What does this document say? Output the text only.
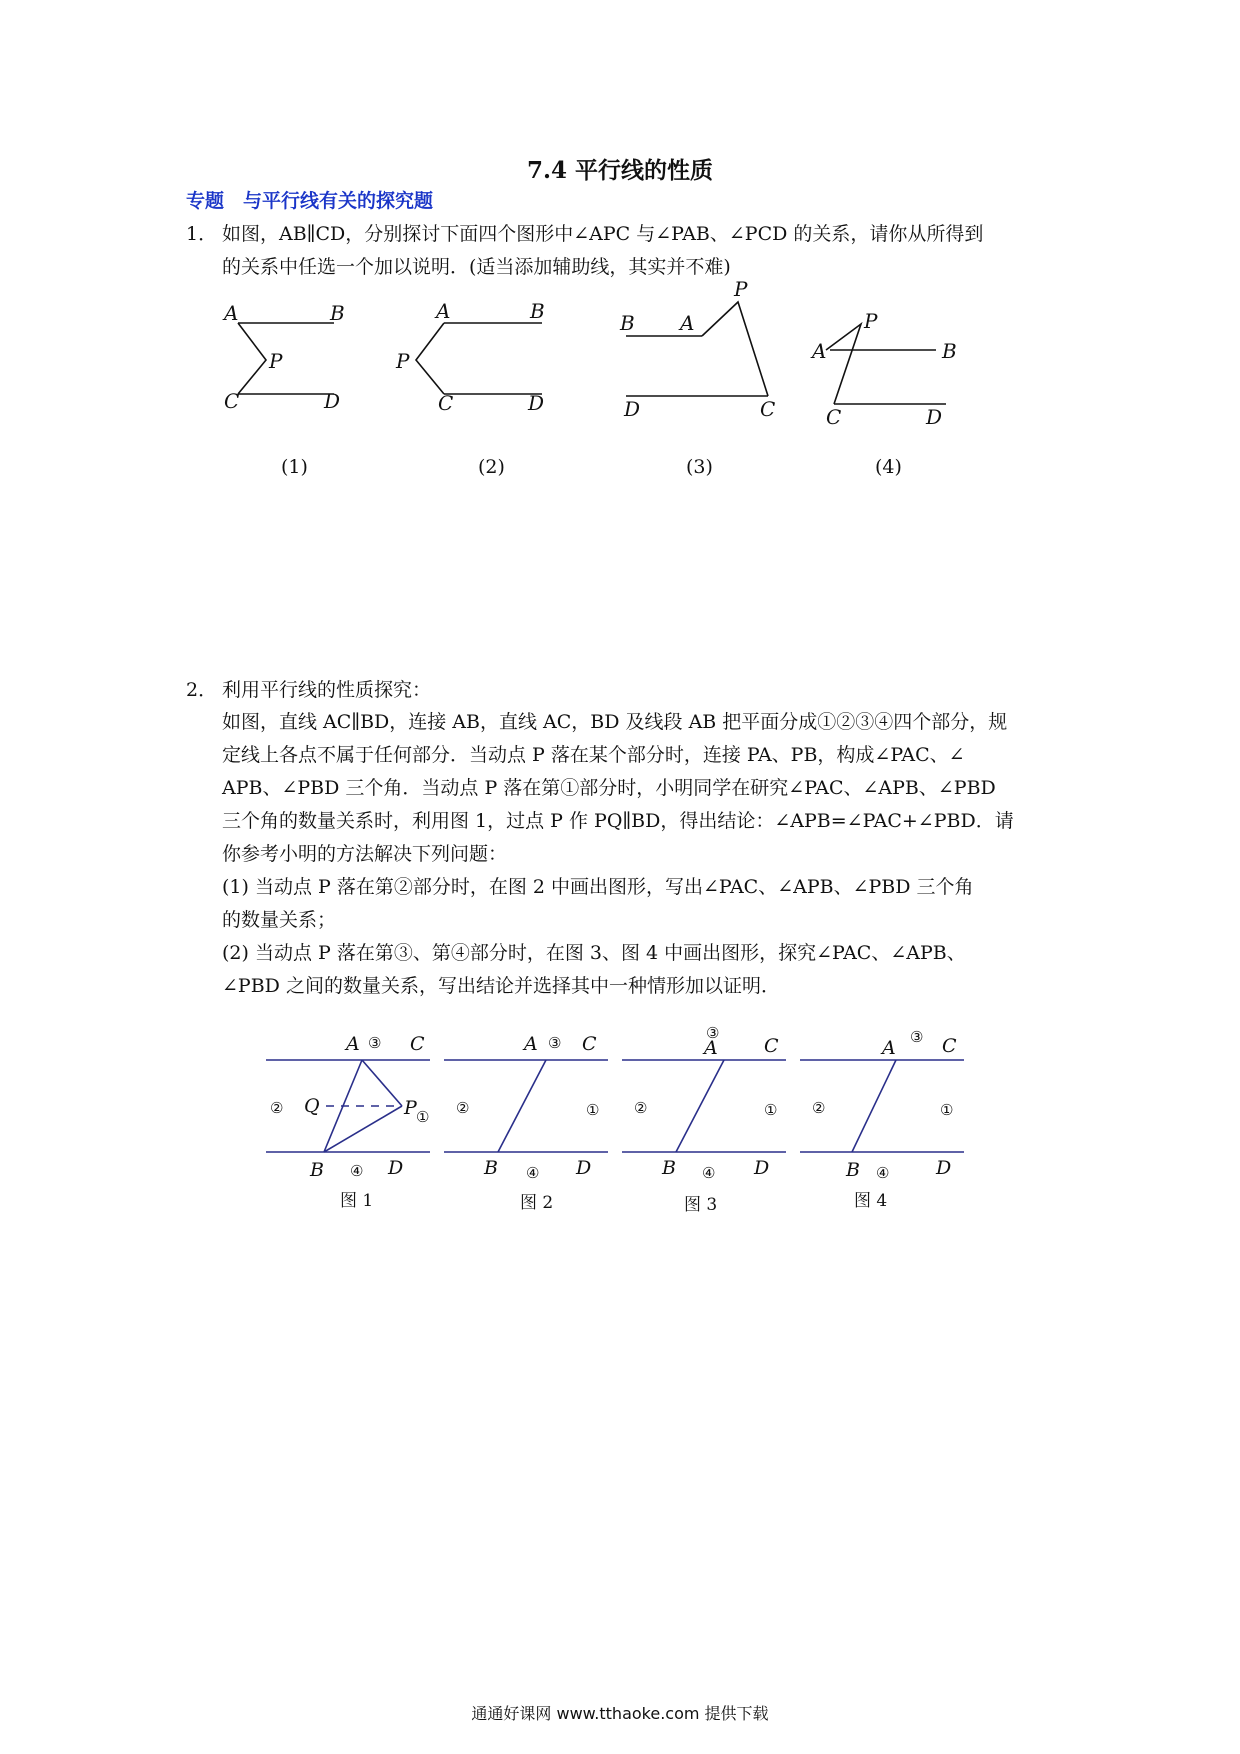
7.4 平行线的性质
专题　与平行线有关的探究题
1． 如图，AB∥CD，分别探讨下面四个图形中∠APC 与∠PAB、∠PCD 的关系，请你从所得到
的关系中任选一个加以说明．(适当添加辅助线，其实并不难)
A	B
P
C	D
(1)
A	B
P
C	D
(2)
B A
P
D	C
(3)
A
P
B
C	D
(4)
2． 利用平行线的性质探究：
如图，直线 AC∥BD，连接 AB，直线 AC，BD 及线段 AB 把平面分成①②③④四个部分，规
定线上各点不属于任何部分．当动点 P 落在某个部分时，连接 PA、PB，构成∠PAC、∠
APB、∠PBD 三个角．当动点 P 落在第①部分时，小明同学在研究∠PAC、∠APB、∠PBD
三个角的数量关系时，利用图 1，过点 P 作 PQ∥BD，得出结论：∠APB=∠PAC+∠PBD．请
你参考小明的方法解决下列问题：
(1) 当动点 P 落在第②部分时，在图 2 中画出图形，写出∠PAC、∠APB、∠PBD 三个角
的数量关系；
(2) 当动点 P 落在第③、第④部分时，在图 3、图 4 中画出图形，探究∠PAC、∠APB、
∠PBD 之间的数量关系，写出结论并选择其中一种情形加以证明．
A ③ C
② Q	P ①
B ④ D
图 1
A ③ C
②	①
B ④ D
图 2
③
A C
②	①
B ④ D
图 3
A ③ C
②	①
B ④ D
图 4
通通好课网 www.tthaoke.com 提供下载
